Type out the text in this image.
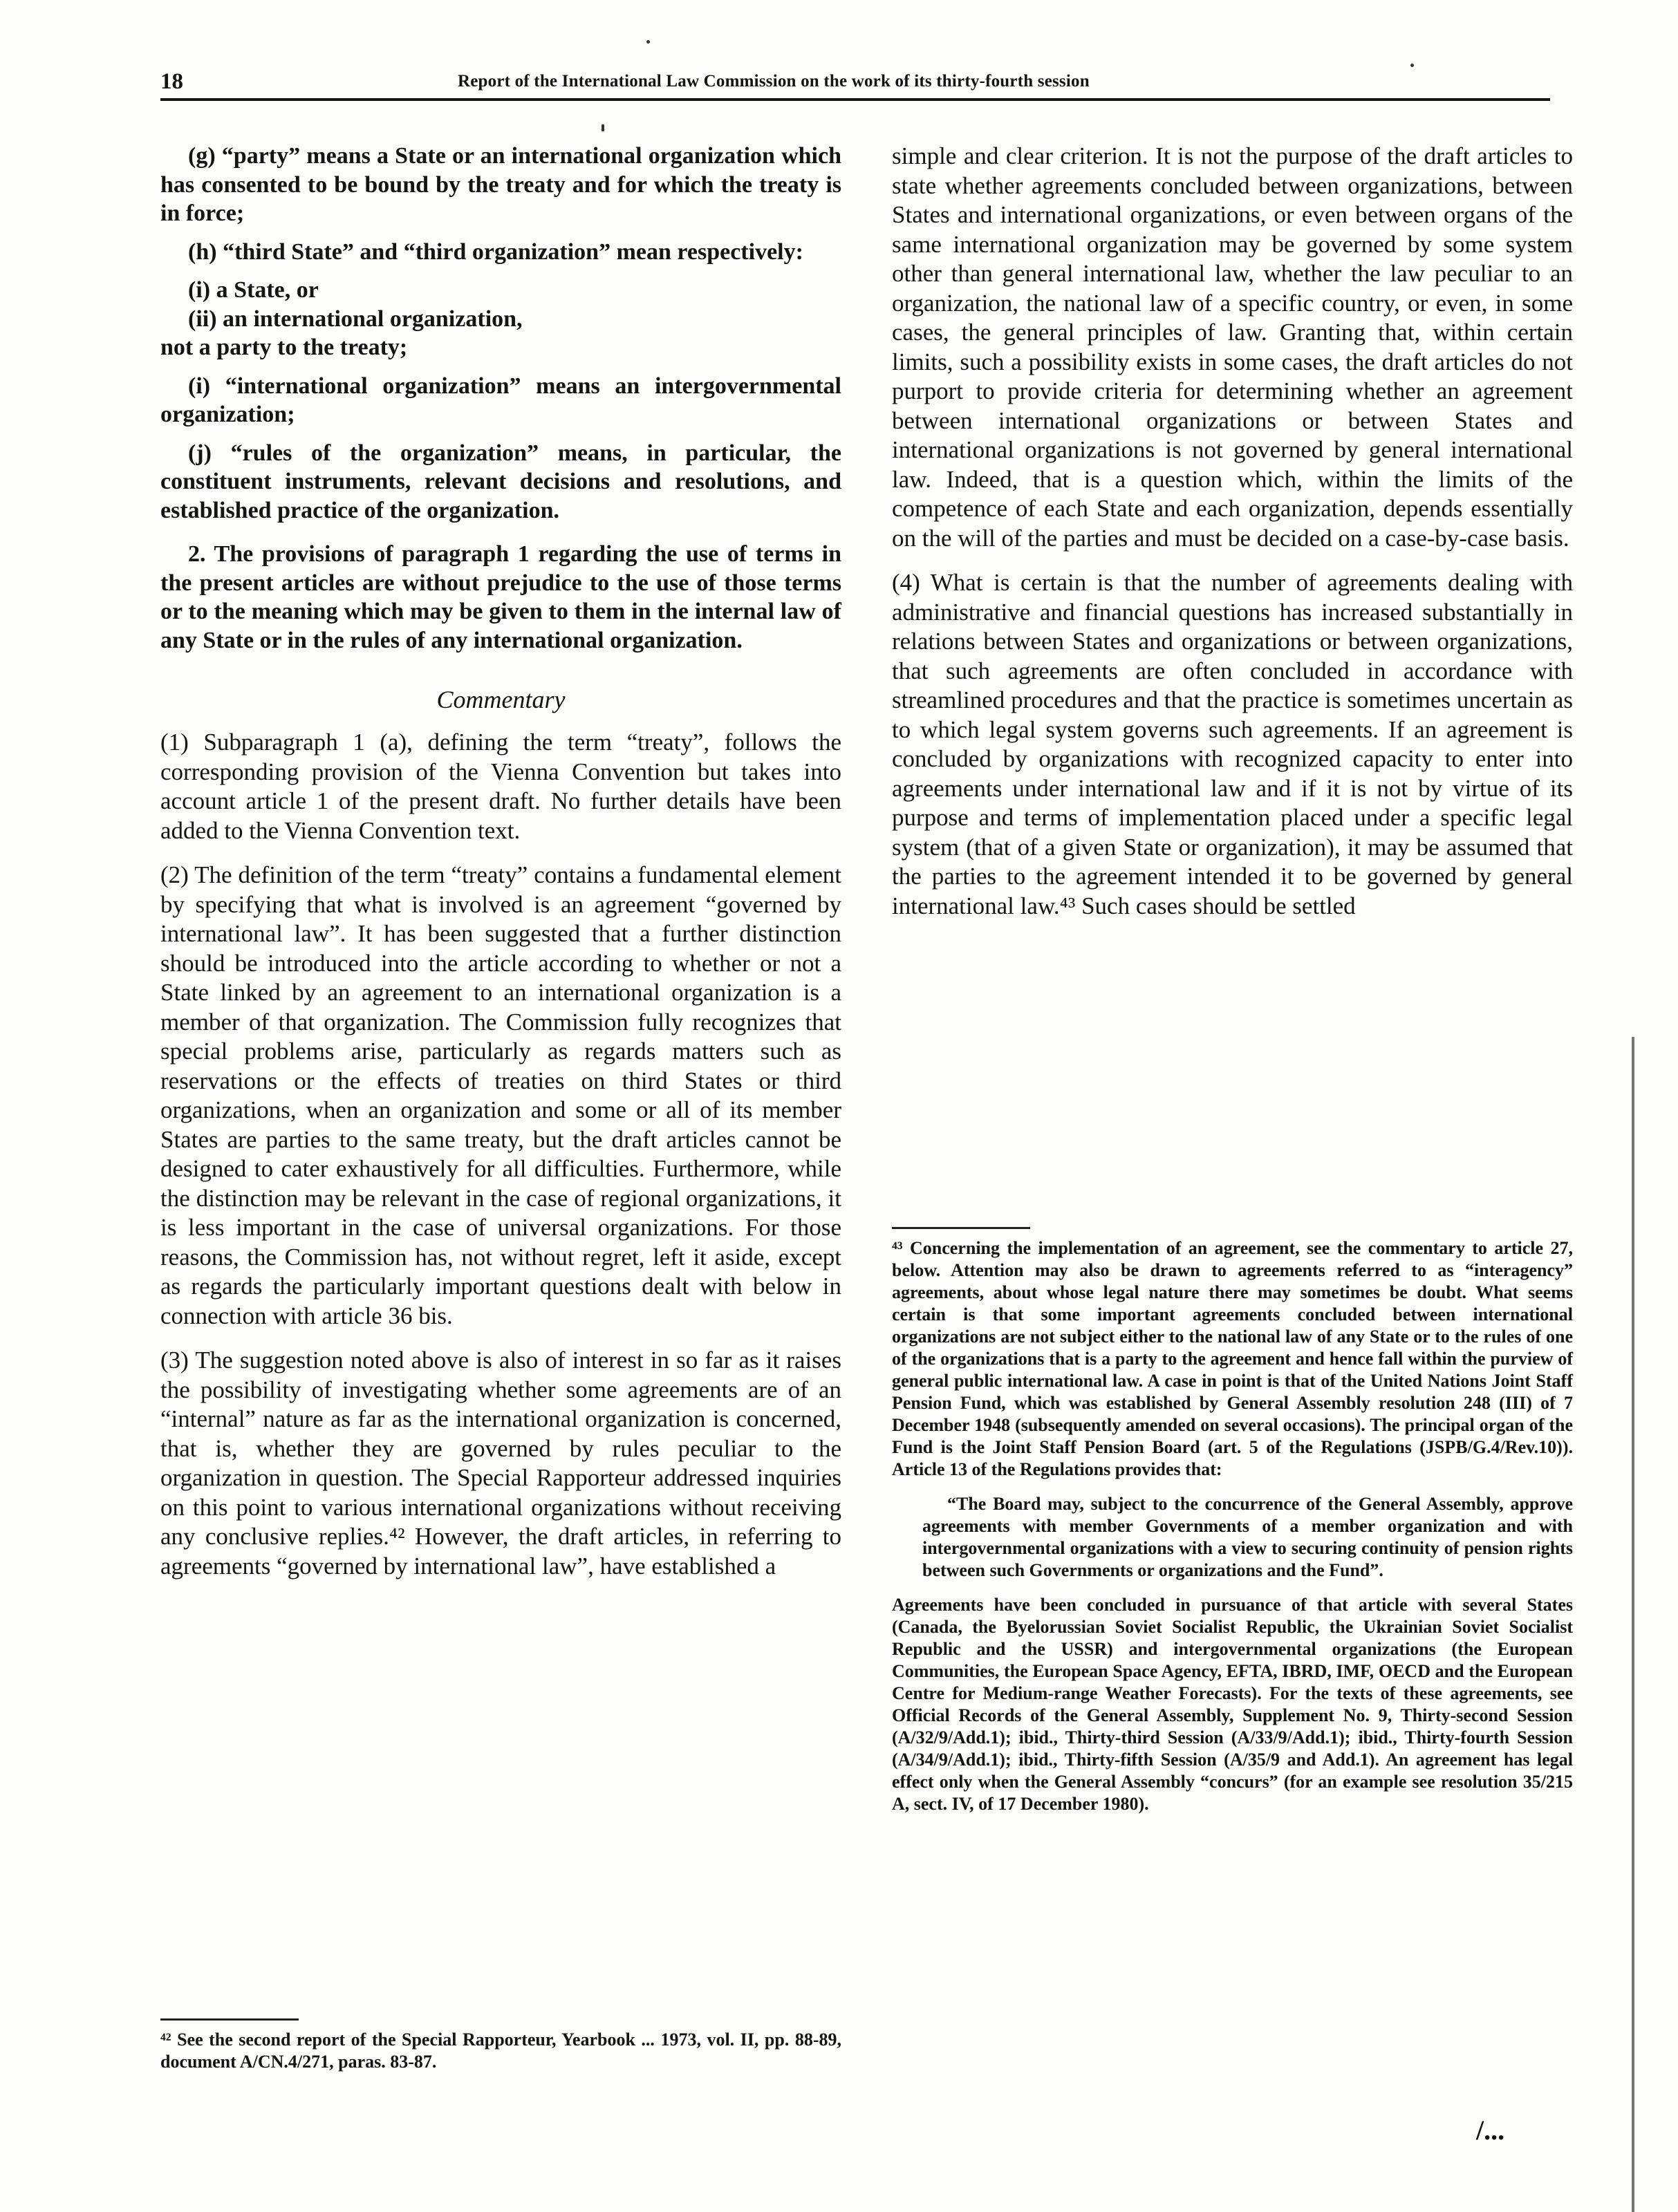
18	Report of the International Law Commission on the work of its thirty-fourth session

(g) “party” means a State or an international organization which has consented to be bound by the treaty and for which the treaty is in force;

(h) “third State” and “third organization” mean respectively:

(i) a State, or

(ii) an international organization,

not a party to the treaty;

(i) “international organization” means an intergovernmental organization;

(j) “rules of the organization” means, in particular, the constituent instruments, relevant decisions and resolutions, and established practice of the organization.

2. The provisions of paragraph 1 regarding the use of terms in the present articles are without prejudice to the use of those terms or to the meaning which may be given to them in the internal law of any State or in the rules of any international organization.

Commentary

(1) Subparagraph 1 (a), defining the term “treaty”, follows the corresponding provision of the Vienna Convention but takes into account article 1 of the present draft. No further details have been added to the Vienna Convention text.

(2) The definition of the term “treaty” contains a fundamental element by specifying that what is involved is an agreement “governed by international law”. It has been suggested that a further distinction should be introduced into the article according to whether or not a State linked by an agreement to an international organization is a member of that organization. The Commission fully recognizes that special problems arise, particularly as regards matters such as reservations or the effects of treaties on third States or third organizations, when an organization and some or all of its member States are parties to the same treaty, but the draft articles cannot be designed to cater exhaustively for all difficulties. Furthermore, while the distinction may be relevant in the case of regional organizations, it is less important in the case of universal organizations. For those reasons, the Commission has, not without regret, left it aside, except as regards the particularly important questions dealt with below in connection with article 36 bis.

(3) The suggestion noted above is also of interest in so far as it raises the possibility of investigating whether some agreements are of an “internal” nature as far as the international organization is concerned, that is, whether they are governed by rules peculiar to the organization in question. The Special Rapporteur addressed inquiries on this point to various international organizations without receiving any conclusive replies.⁴² However, the draft articles, in referring to agreements “governed by international law”, have established a

⁴² See the second report of the Special Rapporteur, Yearbook ... 1973, vol. II, pp. 88-89, document A/CN.4/271, paras. 83-87.

simple and clear criterion. It is not the purpose of the draft articles to state whether agreements concluded between organizations, between States and international organizations, or even between organs of the same international organization may be governed by some system other than general international law, whether the law peculiar to an organization, the national law of a specific country, or even, in some cases, the general principles of law. Granting that, within certain limits, such a possibility exists in some cases, the draft articles do not purport to provide criteria for determining whether an agreement between international organizations or between States and international organizations is not governed by general international law. Indeed, that is a question which, within the limits of the competence of each State and each organization, depends essentially on the will of the parties and must be decided on a case-by-case basis.

(4) What is certain is that the number of agreements dealing with administrative and financial questions has increased substantially in relations between States and organizations or between organizations, that such agreements are often concluded in accordance with streamlined procedures and that the practice is sometimes uncertain as to which legal system governs such agreements. If an agreement is concluded by organizations with recognized capacity to enter into agreements under international law and if it is not by virtue of its purpose and terms of implementation placed under a specific legal system (that of a given State or organization), it may be assumed that the parties to the agreement intended it to be governed by general international law.⁴³ Such cases should be settled

⁴³ Concerning the implementation of an agreement, see the commentary to article 27, below. Attention may also be drawn to agreements referred to as “interagency” agreements, about whose legal nature there may sometimes be doubt. What seems certain is that some important agreements concluded between international organizations are not subject either to the national law of any State or to the rules of one of the organizations that is a party to the agreement and hence fall within the purview of general public international law. A case in point is that of the United Nations Joint Staff Pension Fund, which was established by General Assembly resolution 248 (III) of 7 December 1948 (subsequently amended on several occasions). The principal organ of the Fund is the Joint Staff Pension Board (art. 5 of the Regulations (JSPB/G.4/Rev.10)). Article 13 of the Regulations provides that:

“The Board may, subject to the concurrence of the General Assembly, approve agreements with member Governments of a member organization and with intergovernmental organizations with a view to securing continuity of pension rights between such Governments or organizations and the Fund”.

Agreements have been concluded in pursuance of that article with several States (Canada, the Byelorussian Soviet Socialist Republic, the Ukrainian Soviet Socialist Republic and the USSR) and intergovernmental organizations (the European Communities, the European Space Agency, EFTA, IBRD, IMF, OECD and the European Centre for Medium-range Weather Forecasts). For the texts of these agreements, see Official Records of the General Assembly, Supplement No. 9, Thirty-second Session (A/32/9/Add.1); ibid., Thirty-third Session (A/33/9/Add.1); ibid., Thirty-fourth Session (A/34/9/Add.1); ibid., Thirty-fifth Session (A/35/9 and Add.1). An agreement has legal effect only when the General Assembly “concurs” (for an example see resolution 35/215 A, sect. IV, of 17 December 1980).

/...
